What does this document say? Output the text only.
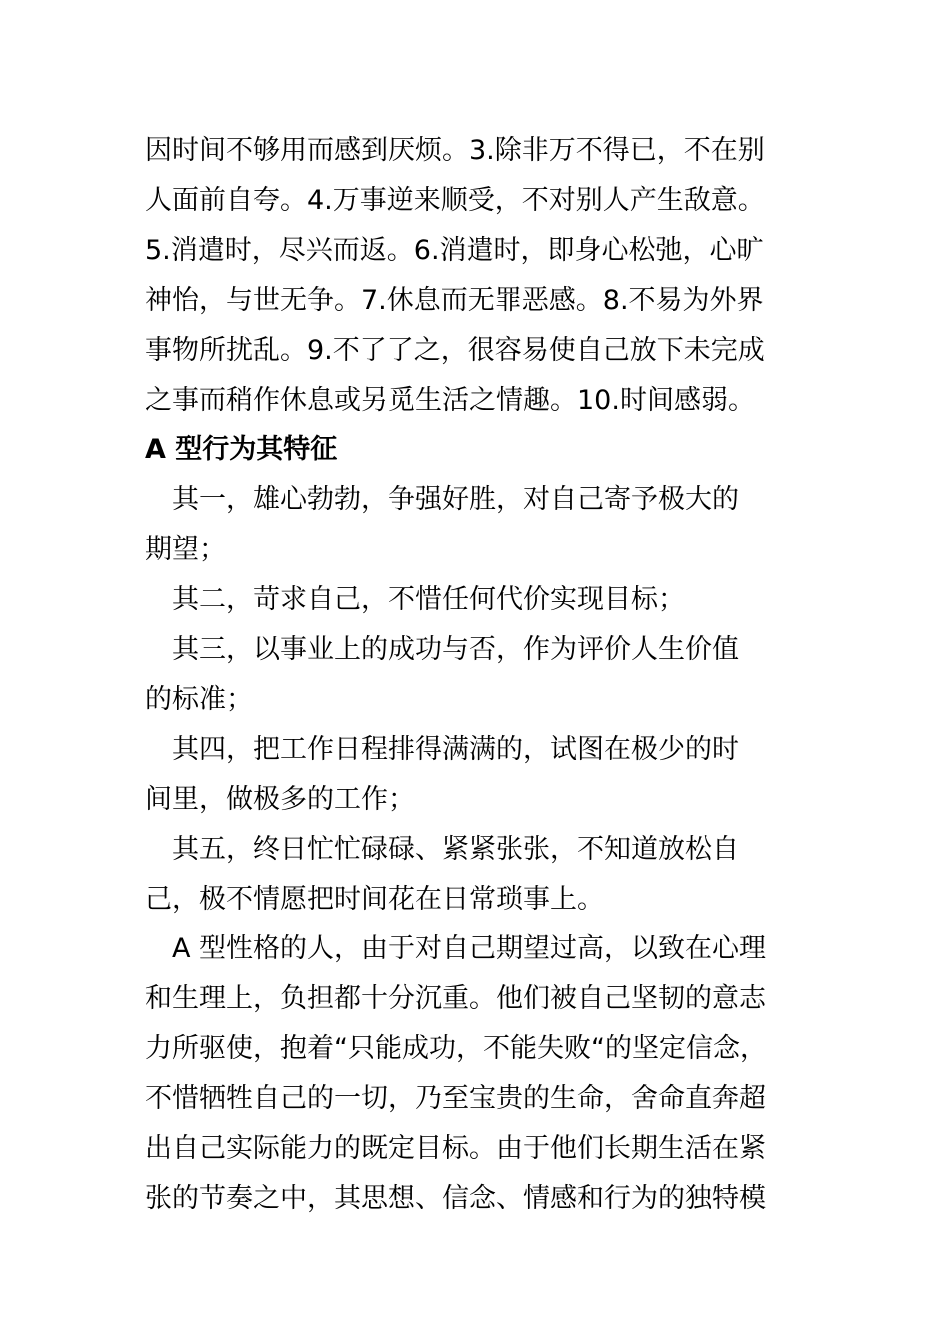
因时间不够用而感到厌烦。3.除非万不得已，不在别
人面前自夸。4.万事逆来顺受，不对别人产生敌意。
5.消遣时，尽兴而返。6.消遣时，即身心松弛，心旷
神怡，与世无争。7.休息而无罪恶感。8.不易为外界
事物所扰乱。9.不了了之，很容易使自己放下未完成
之事而稍作休息或另觅生活之情趣。10.时间感弱。
A 型行为其特征
　其一，雄心勃勃，争强好胜，对自己寄予极大的
期望；
　其二，苛求自己，不惜任何代价实现目标；
　其三，以事业上的成功与否，作为评价人生价值
的标准；
　其四，把工作日程排得满满的，试图在极少的时
间里，做极多的工作；
　其五，终日忙忙碌碌、紧紧张张，不知道放松自
己，极不情愿把时间花在日常琐事上。
　A 型性格的人，由于对自己期望过高，以致在心理
和生理上，负担都十分沉重。他们被自己坚韧的意志
力所驱使，抱着“只能成功，不能失败“的坚定信念，
不惜牺牲自己的一切，乃至宝贵的生命，舍命直奔超
出自己实际能力的既定目标。由于他们长期生活在紧
张的节奏之中，其思想、信念、情感和行为的独特模
